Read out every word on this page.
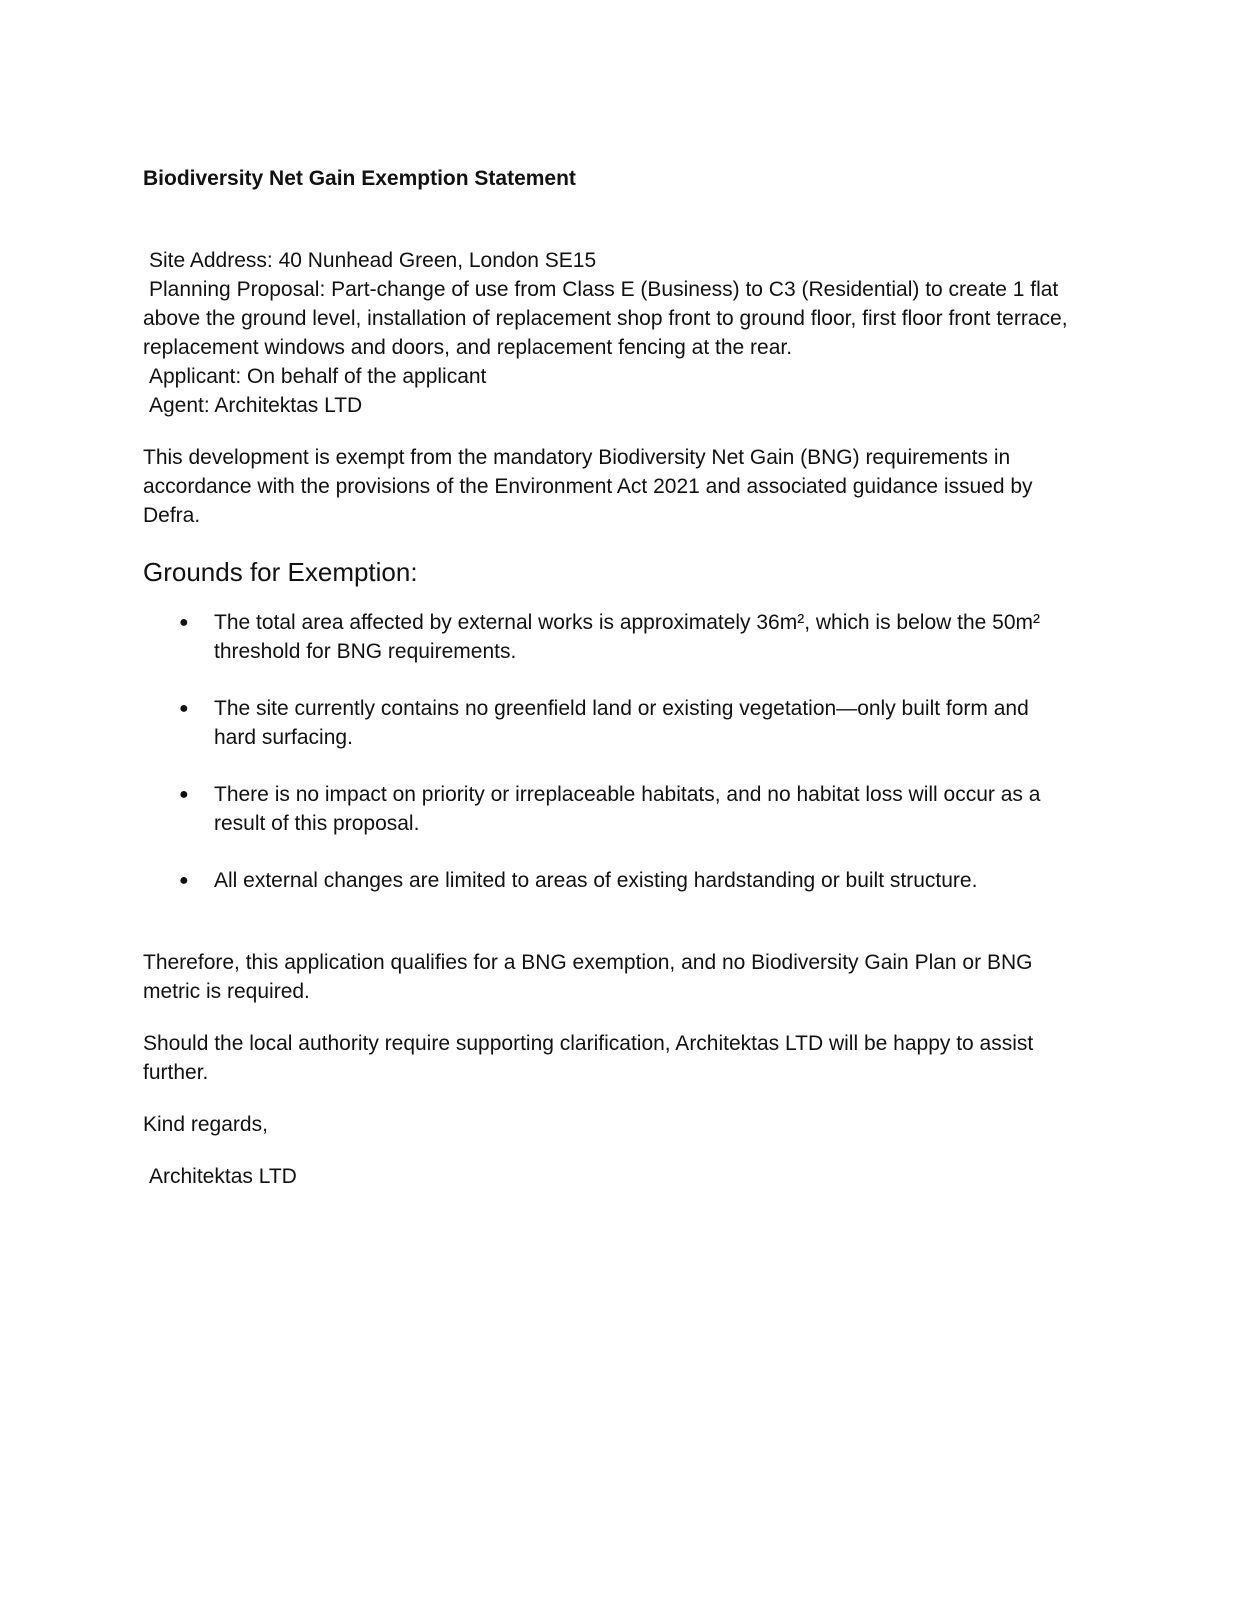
Biodiversity Net Gain Exemption Statement
Site Address: 40 Nunhead Green, London SE15
Planning Proposal: Part-change of use from Class E (Business) to C3 (Residential) to create 1 flat above the ground level, installation of replacement shop front to ground floor, first floor front terrace, replacement windows and doors, and replacement fencing at the rear.
Applicant: On behalf of the applicant
Agent: Architektas LTD

This development is exempt from the mandatory Biodiversity Net Gain (BNG) requirements in accordance with the provisions of the Environment Act 2021 and associated guidance issued by Defra.

Grounds for Exemption:
● The total area affected by external works is approximately 36m², which is below the 50m² threshold for BNG requirements.
● The site currently contains no greenfield land or existing vegetation—only built form and hard surfacing.
● There is no impact on priority or irreplaceable habitats, and no habitat loss will occur as a result of this proposal.
● All external changes are limited to areas of existing hardstanding or built structure.

Therefore, this application qualifies for a BNG exemption, and no Biodiversity Gain Plan or BNG metric is required.

Should the local authority require supporting clarification, Architektas LTD will be happy to assist further.

Kind regards,

Architektas LTD
